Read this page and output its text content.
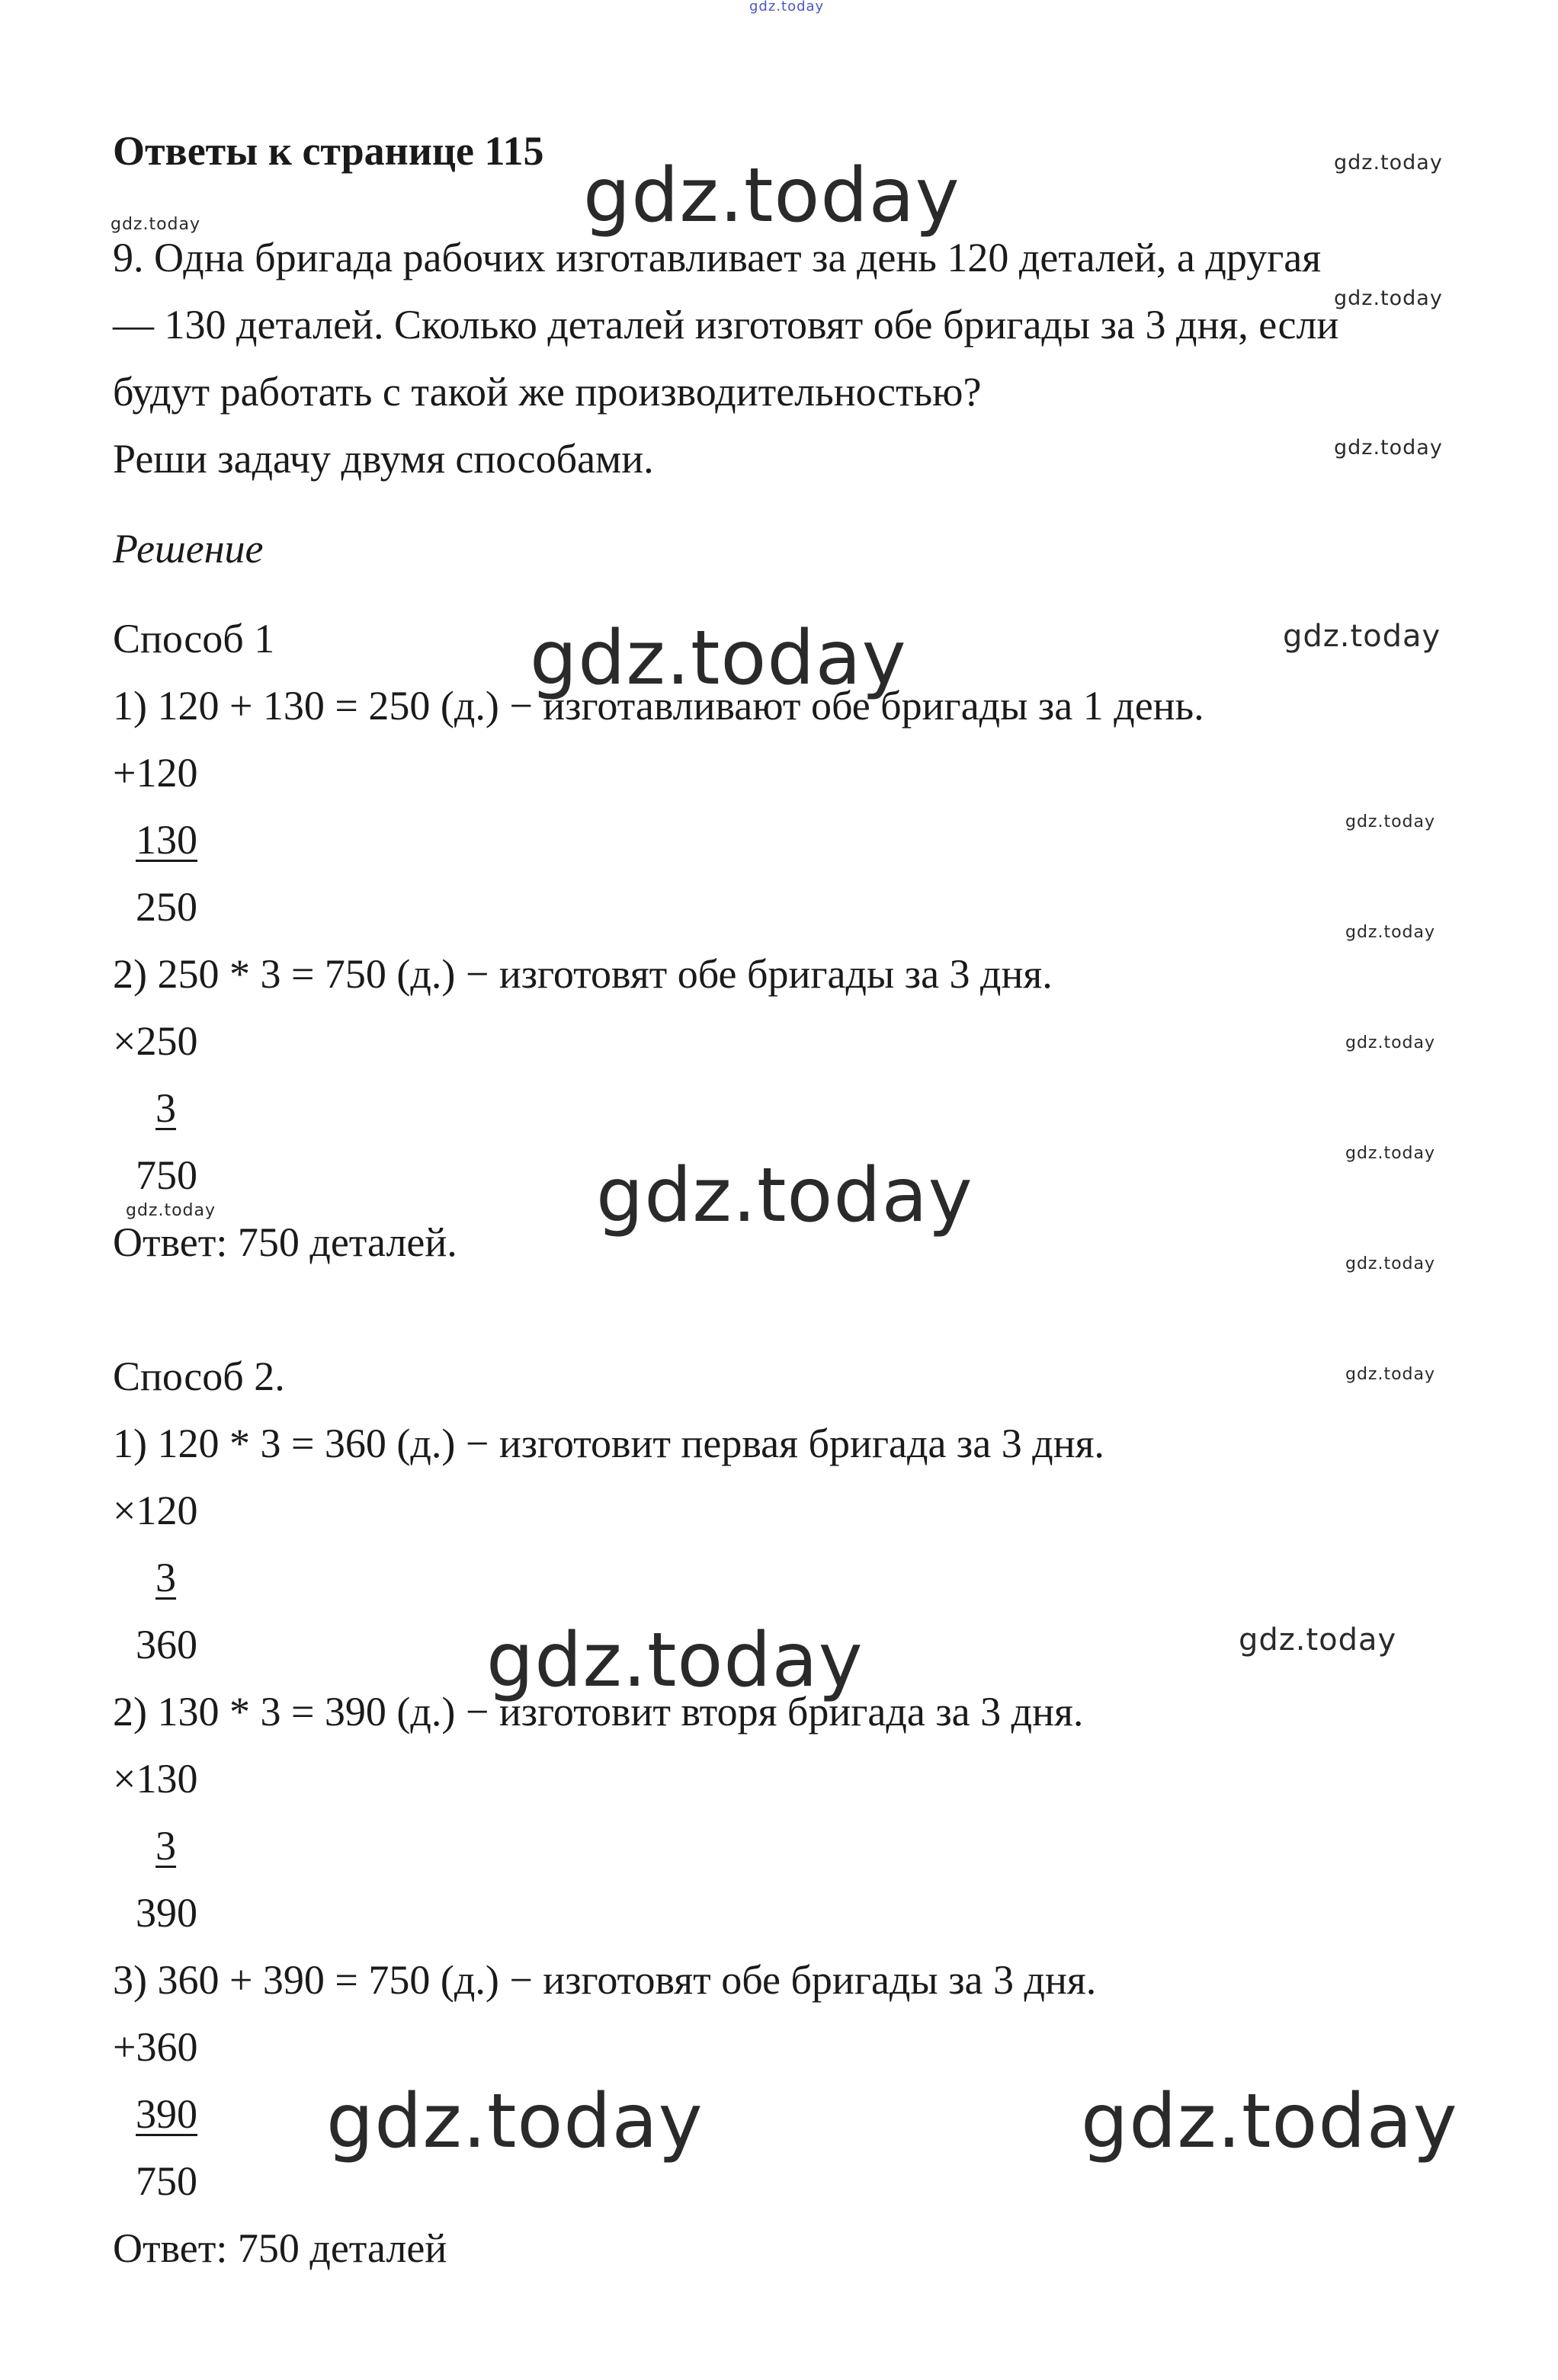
gdz.today
gdz.today	gdz.today
gdz.today
gdz.today
gdz.today
gdz.today	gdz.today
gdz.today
gdz.today
gdz.today
gdz.today
gdz.today
gdz.today
gdz.today
gdz.today
gdz.today	gdz.today
gdz.today	gdz.today
Ответы к странице 115

9. Одна бригада рабочих изготавливает за день 120 деталей, а другая

— 130 деталей. Сколько деталей изготовят обе бригады за 3 дня, если

будут работать с такой же производительностью?

Реши задачу двумя способами.

Решение

Способ 1

1) 120 + 130 = 250 (д.) − изготавливают обе бригады за 1 день.

+120

130

250

2) 250 * 3 = 750 (д.) − изготовят обе бригады за 3 дня.

×250

3

750

Ответ: 750 деталей.

Способ 2.

1) 120 * 3 = 360 (д.) − изготовит первая бригада за 3 дня.

×120

3

360

2) 130 * 3 = 390 (д.) − изготовит вторя бригада за 3 дня.

×130

3

390

3) 360 + 390 = 750 (д.) − изготовят обе бригады за 3 дня.

+360

390

750

Ответ: 750 деталей
